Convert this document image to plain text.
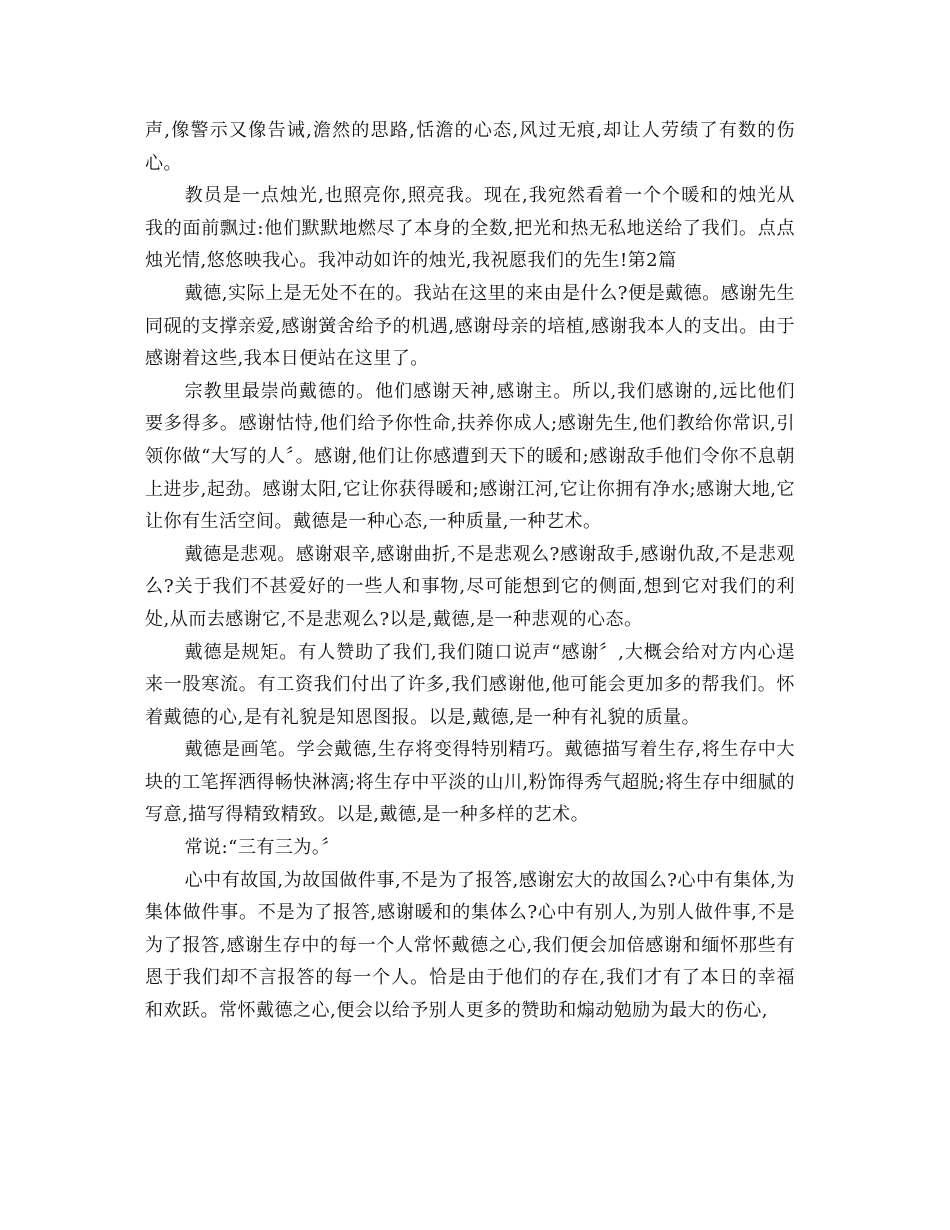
声,像警示又像告诫,澹然的思路,恬澹的心态,风过无痕,却让人劳绩了有数的伤心。

教员是一点烛光,也照亮你,照亮我。现在,我宛然看着一个个暖和的烛光从我的面前飘过:他们默默地燃尽了本身的全数,把光和热无私地送给了我们。点点烛光情,悠悠映我心。我冲动如许的烛光,我祝愿我们的先生!第2篇

戴德,实际上是无处不在的。我站在这里的来由是什么?便是戴德。感谢先生同砚的支撑亲爱,感谢黉舍给予的机遇,感谢母亲的培植,感谢我本人的支出。由于感谢着这些,我本日便站在这里了。

宗教里最崇尚戴德的。他们感谢天神,感谢主。所以,我们感谢的,远比他们要多得多。感谢怙恃,他们给予你性命,扶养你成人;感谢先生,他们教给你常识,引领你做“大写的人〞。感谢,他们让你感遭到天下的暖和;感谢敌手他们令你不息朝上进步,起劲。感谢太阳,它让你获得暖和;感谢江河,它让你拥有净水;感谢大地,它让你有生活空间。戴德是一种心态,一种质量,一种艺术。

戴德是悲观。感谢艰辛,感谢曲折,不是悲观么?感谢敌手,感谢仇敌,不是悲观么?关于我们不甚爱好的一些人和事物,尽可能想到它的侧面,想到它对我们的利处,从而去感谢它,不是悲观么?以是,戴德,是一种悲观的心态。

戴德是规矩。有人赞助了我们,我们随口说声“感谢〞,大概会给对方内心逞来一股寒流。有工资我们付出了许多,我们感谢他,他可能会更加多的帮我们。怀着戴德的心,是有礼貌是知恩图报。以是,戴德,是一种有礼貌的质量。

戴德是画笔。学会戴德,生存将变得特别精巧。戴德描写着生存,将生存中大块的工笔挥洒得畅快淋漓;将生存中平淡的山川,粉饰得秀气超脱;将生存中细腻的写意,描写得精致精致。以是,戴德,是一种多样的艺术。

常说:“三有三为。〞

心中有故国,为故国做件事,不是为了报答,感谢宏大的故国么?心中有集体,为集体做件事。不是为了报答,感谢暖和的集体么?心中有别人,为别人做件事,不是为了报答,感谢生存中的每一个人常怀戴德之心,我们便会加倍感谢和缅怀那些有恩于我们却不言报答的每一个人。恰是由于他们的存在,我们才有了本日的幸福和欢跃。常怀戴德之心,便会以给予别人更多的赞助和煽动勉励为最大的伤心,
